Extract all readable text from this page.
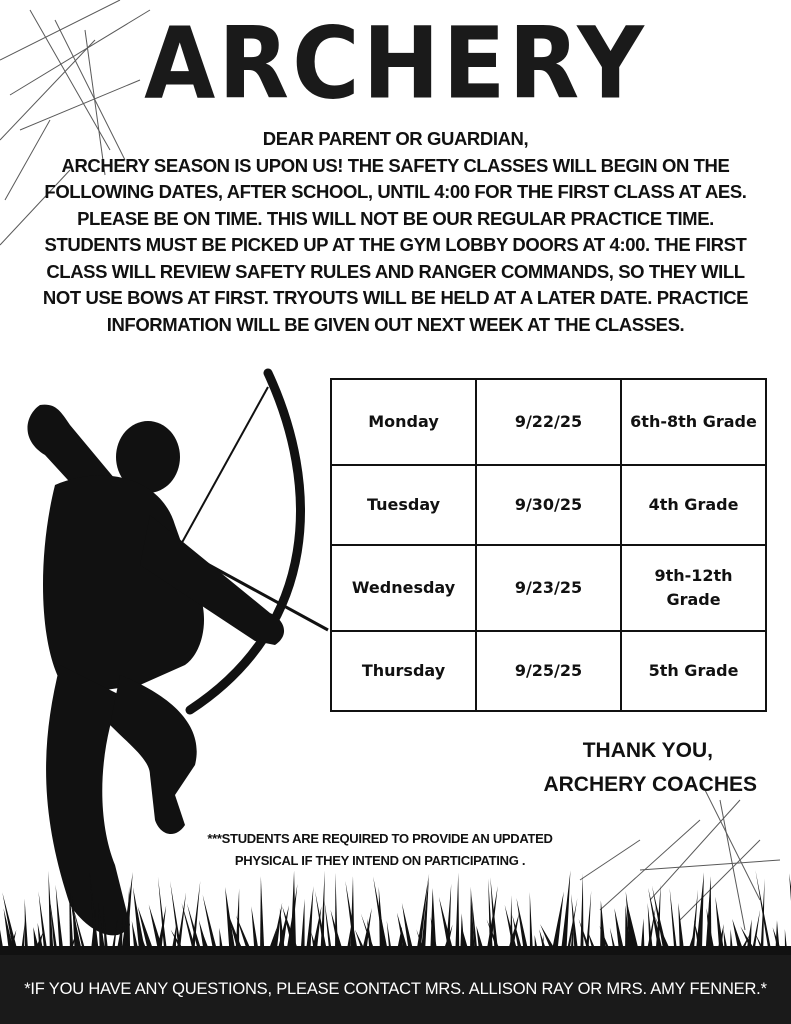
ARCHERY
DEAR PARENT OR GUARDIAN,
ARCHERY SEASON IS UPON US! THE SAFETY CLASSES WILL BEGIN ON THE
FOLLOWING DATES, AFTER SCHOOL, UNTIL 4:00 FOR THE FIRST CLASS AT AES.
PLEASE BE ON TIME. THIS WILL NOT BE OUR REGULAR PRACTICE TIME.
STUDENTS MUST BE PICKED UP AT THE GYM LOBBY DOORS AT 4:00. THE FIRST
CLASS WILL REVIEW SAFETY RULES AND RANGER COMMANDS, SO THEY WILL
NOT USE BOWS AT FIRST. TRYOUTS WILL BE HELD AT A LATER DATE. PRACTICE
INFORMATION WILL BE GIVEN OUT NEXT WEEK AT THE CLASSES.
Monday	9/22/25	6th-8th Grade
Tuesday	9/30/25	4th Grade
Wednesday	9/23/25	9th-12th Grade
Thursday	9/25/25	5th Grade
THANK YOU,
ARCHERY COACHES
***STUDENTS ARE REQUIRED TO PROVIDE AN UPDATED
PHYSICAL IF THEY INTEND ON PARTICIPATING .
*IF YOU HAVE ANY QUESTIONS, PLEASE CONTACT MRS. ALLISON RAY OR MRS. AMY FENNER.*
